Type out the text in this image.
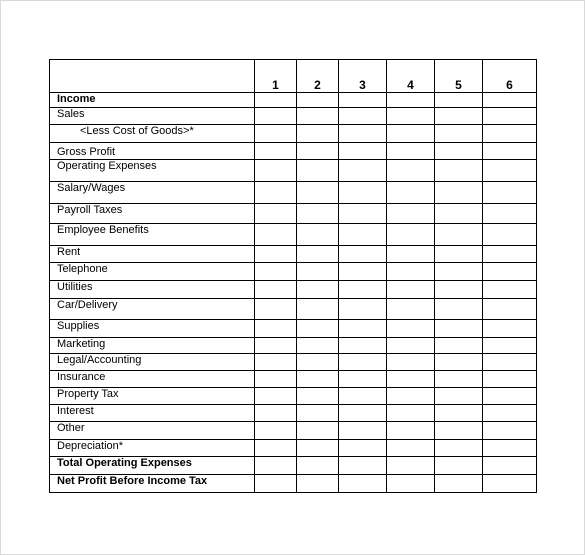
	1	2	3	4	5	6
Income						
Sales						
<Less Cost of Goods>*						
Gross Profit						
Operating Expenses						
Salary/Wages						
Payroll Taxes						
Employee Benefits						
Rent						
Telephone						
Utilities						
Car/Delivery						
Supplies						
Marketing						
Legal/Accounting						
Insurance						
Property Tax						
Interest						
Other						
Depreciation*						
Total Operating Expenses						
Net Profit Before Income Tax						
